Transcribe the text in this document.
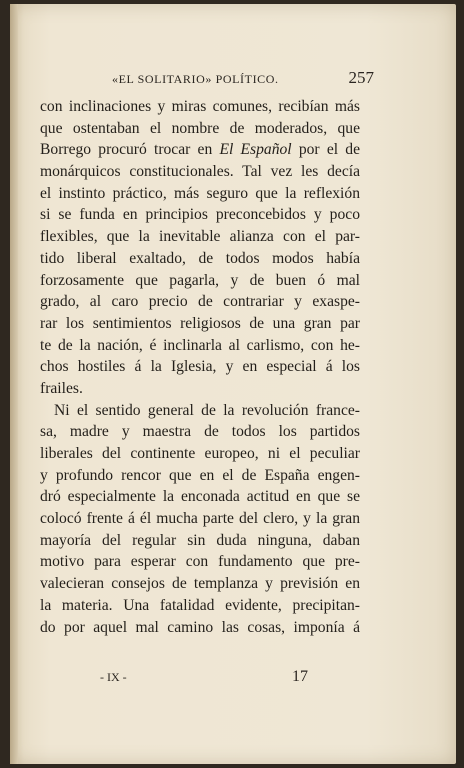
«EL SOLITARIO» POLÍTICO.	257
con inclinaciones y miras comunes, recibían más
que ostentaban el nombre de moderados, que
Borrego procuró trocar en El Español por el de
monárquicos constitucionales. Tal vez les decía
el instinto práctico, más seguro que la reflexión
si se funda en principios preconcebidos y poco
flexibles, que la inevitable alianza con el par-
tido liberal exaltado, de todos modos había
forzosamente que pagarla, y de buen ó mal
grado, al caro precio de contrariar y exaspe-
rar los sentimientos religiosos de una gran par
te de la nación, é inclinarla al carlismo, con he-
chos hostiles á la Iglesia, y en especial á los
frailes.
Ni el sentido general de la revolución france-
sa, madre y maestra de todos los partidos
liberales del continente europeo, ni el peculiar
y profundo rencor que en el de España engen-
dró especialmente la enconada actitud en que se
colocó frente á él mucha parte del clero, y la gran
mayoría del regular sin duda ninguna, daban
motivo para esperar con fundamento que pre-
valecieran consejos de templanza y previsión en
la materia. Una fatalidad evidente, precipitan-
do por aquel mal camino las cosas, imponía á
- IX -	17
